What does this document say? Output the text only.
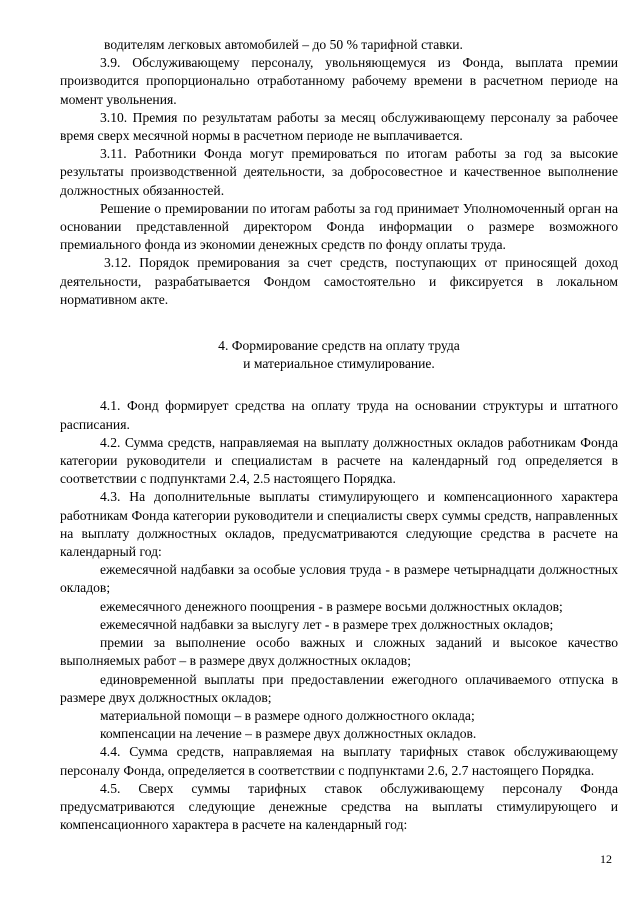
водителям легковых автомобилей – до 50 % тарифной ставки.

3.9. Обслуживающему персоналу, увольняющемуся из Фонда, выплата премии производится пропорционально отработанному рабочему времени в расчетном периоде на момент увольнения.

3.10. Премия по результатам работы за месяц обслуживающему персоналу за рабочее время сверх месячной нормы в расчетном периоде не выплачивается.

3.11. Работники Фонда могут премироваться по итогам работы за год за высокие результаты производственной деятельности, за добросовестное и качественное выполнение должностных обязанностей.

Решение о премировании по итогам работы за год принимает Уполномоченный орган на основании представленной директором Фонда информации о размере возможного премиального фонда из экономии денежных средств по фонду оплаты труда.

3.12. Порядок премирования за счет средств, поступающих от приносящей доход деятельности, разрабатывается Фондом самостоятельно и фиксируется в локальном нормативном акте.

4. Формирование средств на оплату труда
и материальное стимулирование.

4.1. Фонд формирует средства на оплату труда на основании структуры и штатного расписания.

4.2. Сумма средств, направляемая на выплату должностных окладов работникам Фонда категории руководители и специалистам в расчете на календарный год определяется в соответствии с подпунктами 2.4, 2.5 настоящего Порядка.

4.3. На дополнительные выплаты стимулирующего и компенсационного характера работникам Фонда категории руководители и специалисты сверх суммы средств, направленных на выплату должностных окладов, предусматриваются следующие средства в расчете на календарный год:

ежемесячной надбавки за особые условия труда - в размере четырнадцати должностных окладов;

ежемесячного денежного поощрения - в размере восьми должностных окладов;

ежемесячной надбавки за выслугу лет - в размере трех должностных окладов;

премии за выполнение особо важных и сложных заданий и высокое качество выполняемых работ – в размере двух должностных окладов;

единовременной выплаты при предоставлении ежегодного оплачиваемого отпуска в размере двух должностных окладов;

материальной помощи – в размере одного должностного оклада;

компенсации на лечение – в размере двух должностных окладов.

4.4. Сумма средств, направляемая на выплату тарифных ставок обслуживающему персоналу Фонда, определяется в соответствии с подпунктами 2.6, 2.7 настоящего Порядка.

4.5. Сверх суммы тарифных ставок обслуживающему персоналу Фонда предусматриваются следующие денежные средства на выплаты стимулирующего и компенсационного характера в расчете на календарный год:

12
